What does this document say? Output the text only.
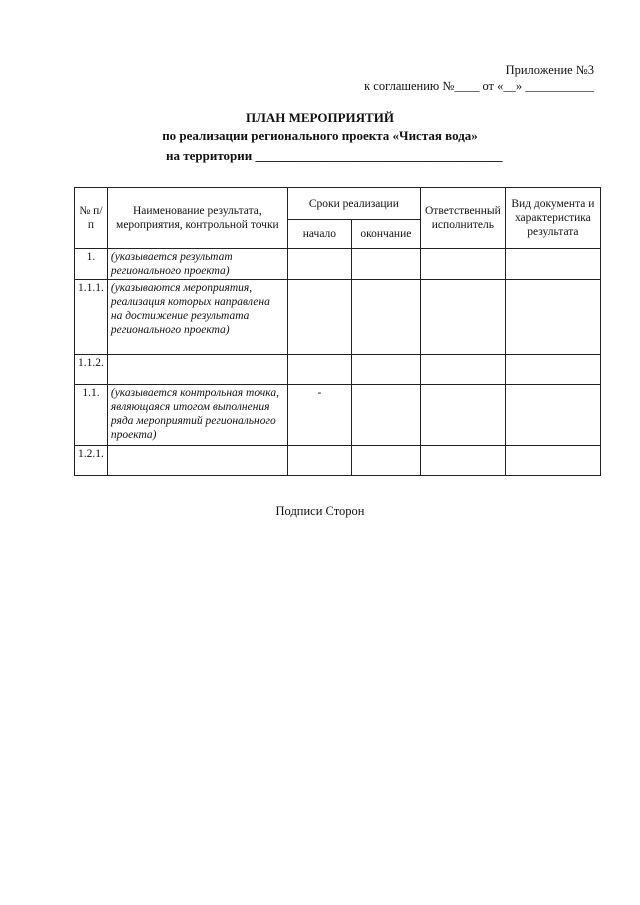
Приложение №3
к соглашению №____ от «__» ___________
ПЛАН МЕРОПРИЯТИЙ
по реализации регионального проекта «Чистая вода»
на территории ______________________________________
№ п/п	Наименование результата, мероприятия, контрольной точки	Сроки реализации		Ответственный исполнитель	Вид документа и характеристика результата
		начало	окончание		
1.	(указывается результат регионального проекта)				
1.1.1.	(указываются мероприятия, реализация которых направлена на достижение результата регионального проекта)				
1.1.2.					
1.1.	(указывается контрольная точка, являющаяся итогом выполнения ряда мероприятий регионального проекта)	-			
1.2.1.					
Подписи Сторон
